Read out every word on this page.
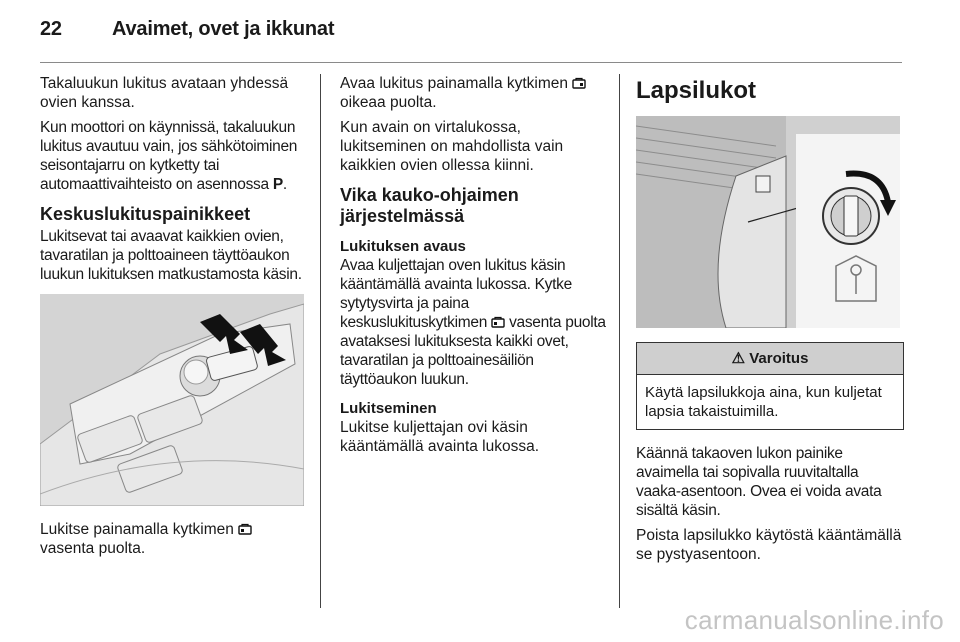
22	Avaimet, ovet ja ikkunat

Takaluukun lukitus avataan yhdessä ovien kanssa.

Kun moottori on käynnissä, takaluukun lukitus avautuu vain, jos sähkötoiminen seisontajarru on kytketty tai automaattivaihteisto on asennossa P.

Keskuslukituspainikkeet

Lukitsevat tai avaavat kaikkien ovien, tavaratilan ja polttoaineen täyttöaukon luukun lukituksen matkustamosta käsin.

Lukitse painamalla kytkimen  vasenta puolta.

Avaa lukitus painamalla kytkimen  oikeaa puolta.

Kun avain on virtalukossa, lukitseminen on mahdollista vain kaikkien ovien ollessa kiinni.

Vika kauko-ohjaimen järjestelmässä
Lukituksen avaus

Avaa kuljettajan oven lukitus käsin kääntämällä avainta lukossa. Kytke sytytysvirta ja paina keskuslukituskytkimen vasenta puolta avataksesi lukituksesta kaikki ovet, tavaratilan ja polttoainesäiliön täyttöaukon luukun.

Lukitseminen

Lukitse kuljettajan ovi käsin kääntämällä avainta lukossa.

Lapsilukot
⚠ Varoitus
Käytä lapsilukkoja aina, kun kuljetat lapsia takaistuimilla.

Käännä takaoven lukon painike avaimella tai sopivalla ruuvitaltalla vaaka-asentoon. Ovea ei voida avata sisältä käsin.

Poista lapsilukko käytöstä kääntämällä se pystyasentoon.

carmanualsonline.info
